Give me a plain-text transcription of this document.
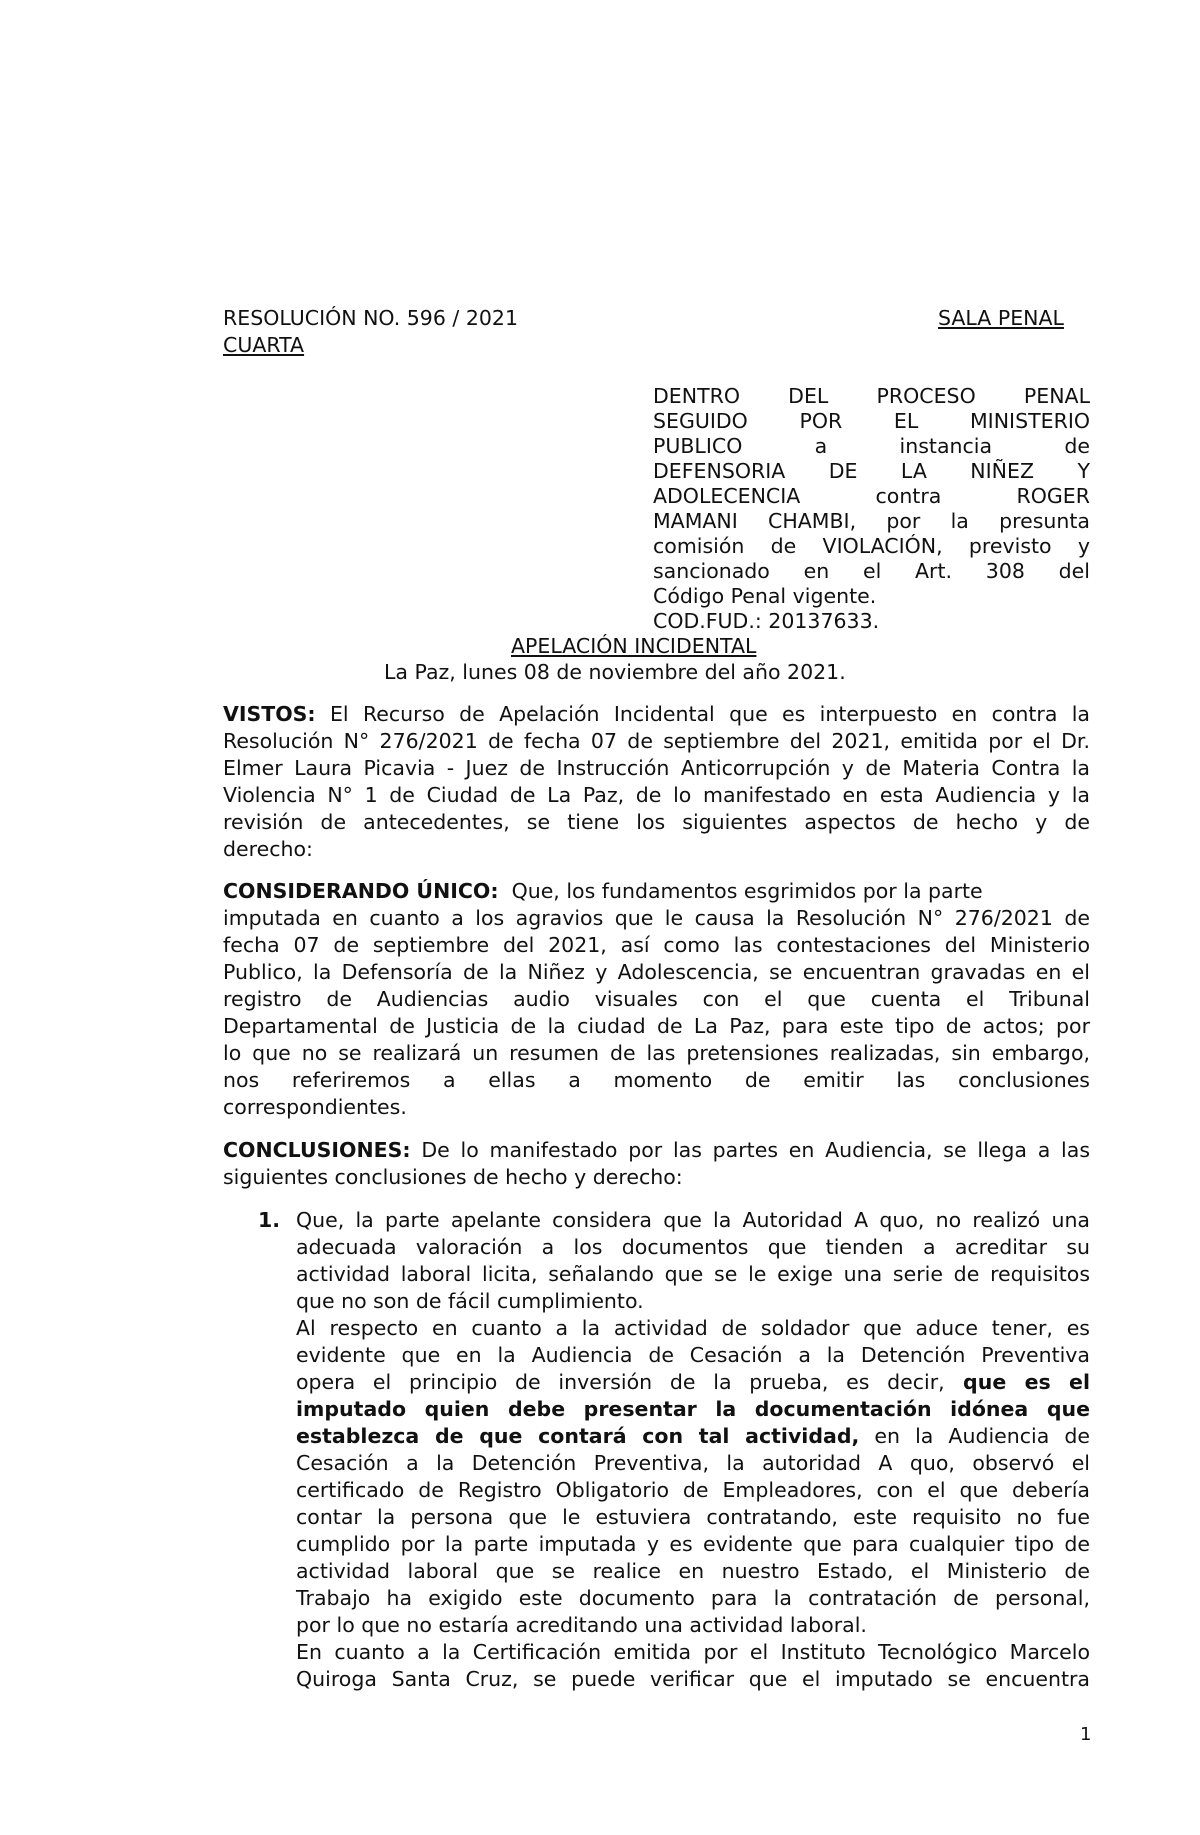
RESOLUCIÓN NO. 596 / 2021	SALA PENAL
CUARTA
DENTRO DEL PROCESO PENAL
SEGUIDO POR EL MINISTERIO
PUBLICO a instancia de
DEFENSORIA DE LA NIÑEZ Y
ADOLECENCIA contra ROGER
MAMANI CHAMBI, por la presunta
comisión de VIOLACIÓN, previsto y
sancionado en el Art. 308 del
Código Penal vigente.
COD.FUD.: 20137633.
APELACIÓN INCIDENTAL
La Paz, lunes 08 de noviembre del año 2021.
VISTOS: El Recurso de Apelación Incidental que es interpuesto en contra la
Resolución N° 276/2021 de fecha 07 de septiembre del 2021, emitida por el Dr.
Elmer Laura Picavia - Juez de Instrucción Anticorrupción y de Materia Contra la
Violencia N° 1 de Ciudad de La Paz, de lo manifestado en esta Audiencia y la
revisión de antecedentes, se tiene los siguientes aspectos de hecho y de
derecho:
CONSIDERANDO ÚNICO:  Que, los fundamentos esgrimidos por la parte
imputada en cuanto a los agravios que le causa la Resolución N° 276/2021 de
fecha 07 de septiembre del 2021, así como las contestaciones del Ministerio
Publico, la Defensoría de la Niñez y Adolescencia, se encuentran gravadas en el
registro de Audiencias audio visuales con el que cuenta el Tribunal
Departamental de Justicia de la ciudad de La Paz, para este tipo de actos; por
lo que no se realizará un resumen de las pretensiones realizadas, sin embargo,
nos referiremos a ellas a momento de emitir las conclusiones
correspondientes.
CONCLUSIONES: De lo manifestado por las partes en Audiencia, se llega a las
siguientes conclusiones de hecho y derecho:
1. Que, la parte apelante considera que la Autoridad A quo, no realizó una
adecuada valoración a los documentos que tienden a acreditar su
actividad laboral licita, señalando que se le exige una serie de requisitos
que no son de fácil cumplimiento.
Al respecto en cuanto a la actividad de soldador que aduce tener, es
evidente que en la Audiencia de Cesación a la Detención Preventiva
opera el principio de inversión de la prueba, es decir, que es el
imputado quien debe presentar la documentación idónea que
establezca de que contará con tal actividad, en la Audiencia de
Cesación a la Detención Preventiva, la autoridad A quo, observó el
certificado de Registro Obligatorio de Empleadores, con el que debería
contar la persona que le estuviera contratando, este requisito no fue
cumplido por la parte imputada y es evidente que para cualquier tipo de
actividad laboral que se realice en nuestro Estado, el Ministerio de
Trabajo ha exigido este documento para la contratación de personal,
por lo que no estaría acreditando una actividad laboral.
En cuanto a la Certificación emitida por el Instituto Tecnológico Marcelo
Quiroga Santa Cruz, se puede verificar que el imputado se encuentra
1
